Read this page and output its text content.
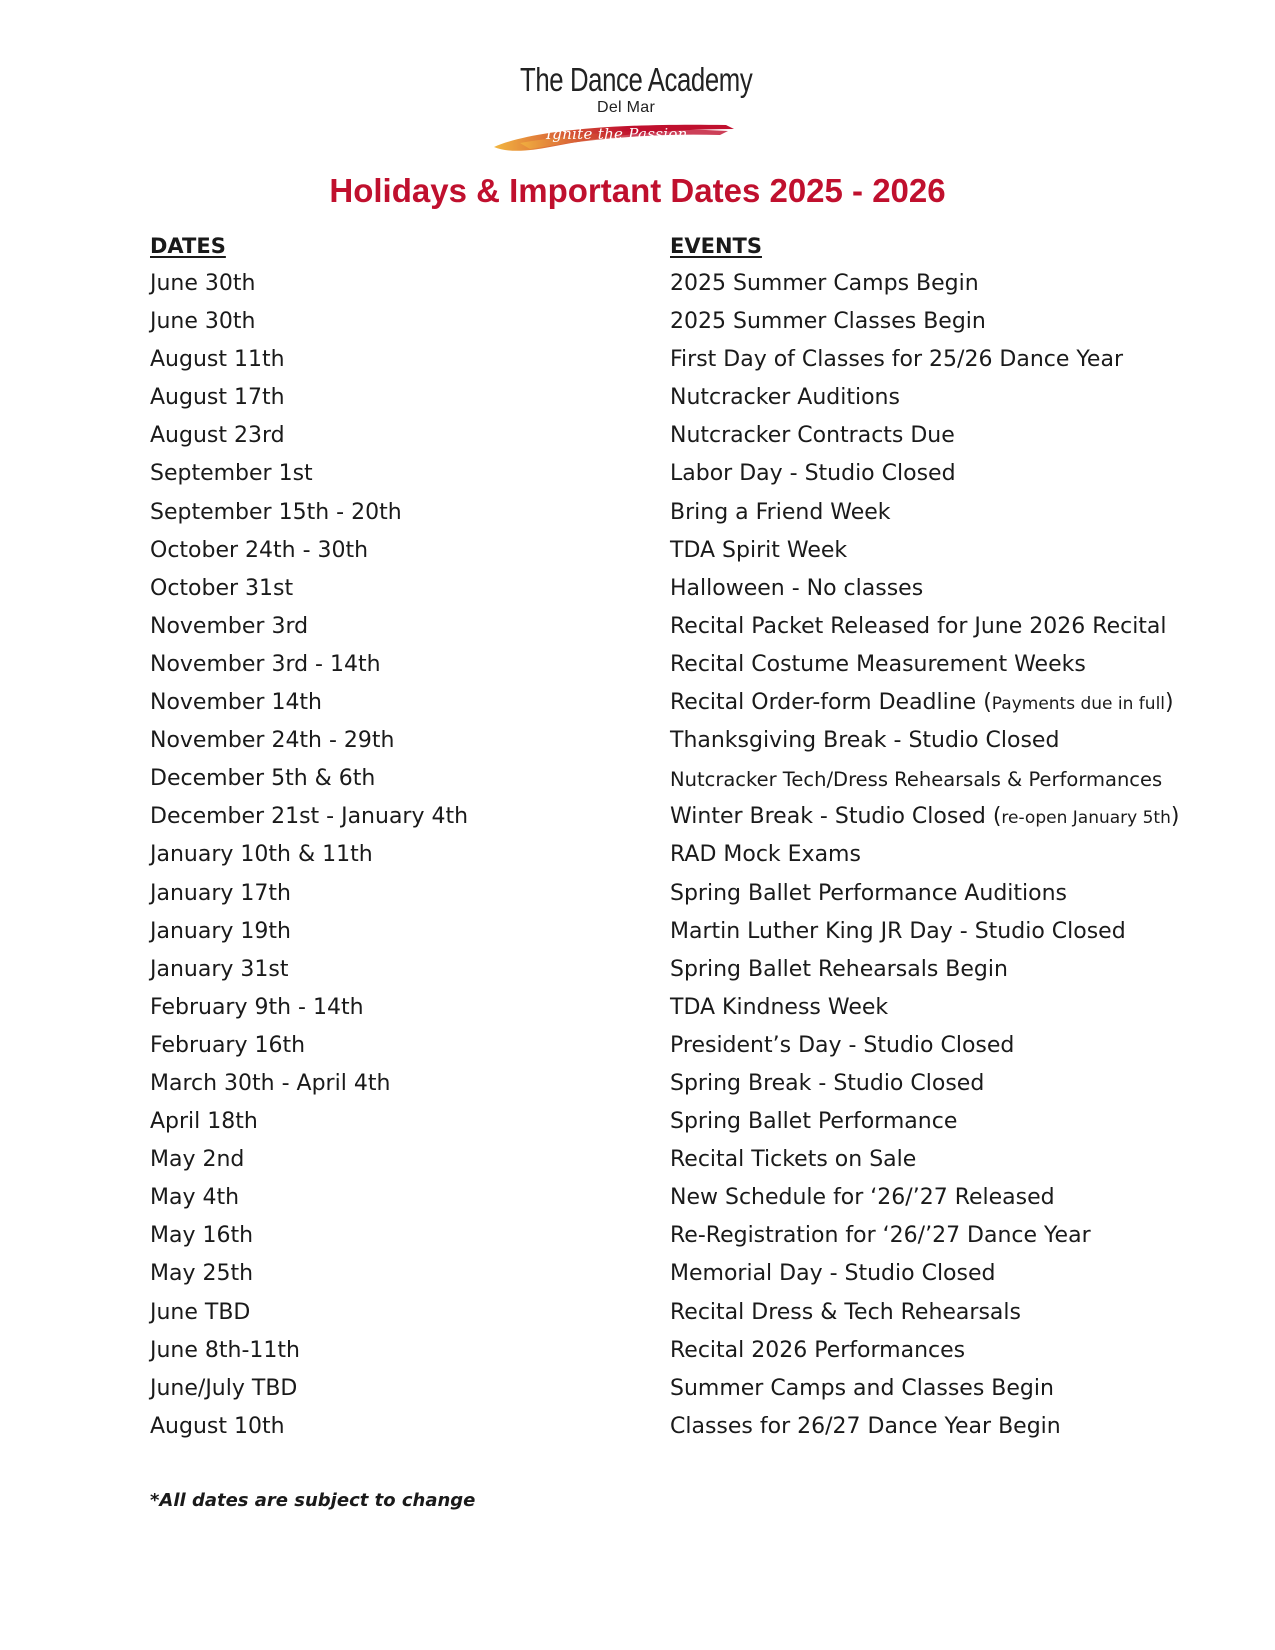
The Dance Academy
Del Mar
Ignite the Passion
Holidays & Important Dates 2025 - 2026
DATES	EVENTS
June 30th	2025 Summer Camps Begin
June 30th	2025 Summer Classes Begin
August 11th	First Day of Classes for 25/26 Dance Year
August 17th	Nutcracker Auditions
August 23rd	Nutcracker Contracts Due
September 1st	Labor Day - Studio Closed
September 15th - 20th	Bring a Friend Week
October 24th - 30th	TDA Spirit Week
October 31st	Halloween - No classes
November 3rd	Recital Packet Released for June 2026 Recital
November 3rd - 14th	Recital Costume Measurement Weeks
November 14th	Recital Order-form Deadline (Payments due in full)
November 24th - 29th	Thanksgiving Break - Studio Closed
December 5th & 6th	Nutcracker Tech/Dress Rehearsals & Performances
December 21st - January 4th	Winter Break - Studio Closed (re-open January 5th)
January 10th & 11th	RAD Mock Exams
January 17th	Spring Ballet Performance Auditions
January 19th	Martin Luther King JR Day - Studio Closed
January 31st	Spring Ballet Rehearsals Begin
February 9th - 14th	TDA Kindness Week
February 16th	President’s Day - Studio Closed
March 30th - April 4th	Spring Break - Studio Closed
April 18th	Spring Ballet Performance
May 2nd	Recital Tickets on Sale
May 4th	New Schedule for ‘26/’27 Released
May 16th	Re-Registration for ‘26/’27 Dance Year
May 25th	Memorial Day - Studio Closed
June TBD	Recital Dress & Tech Rehearsals
June 8th-11th	Recital 2026 Performances
June/July TBD	Summer Camps and Classes Begin
August 10th	Classes for 26/27 Dance Year Begin
*All dates are subject to change
